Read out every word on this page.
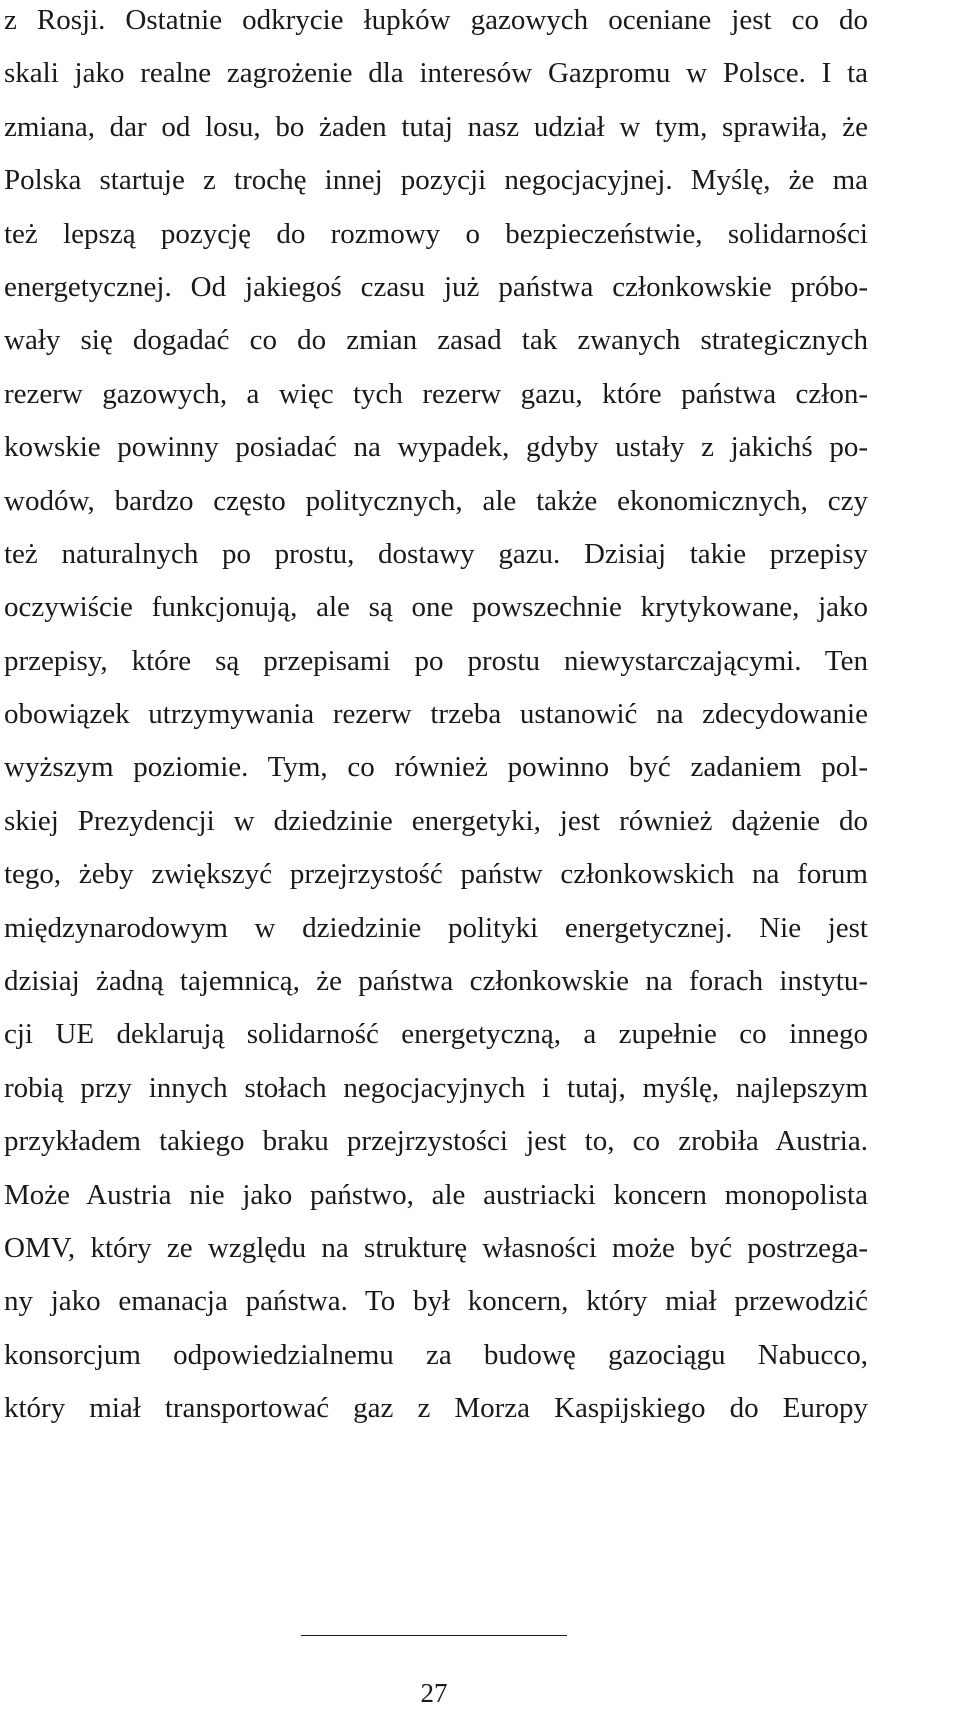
z Rosji. Ostatnie odkrycie łupków gazowych oceniane jest co do
skali jako realne zagrożenie dla interesów Gazpromu w Polsce. I ta
zmiana, dar od losu, bo żaden tutaj nasz udział w tym, sprawiła, że
Polska startuje z trochę innej pozycji negocjacyjnej. Myślę, że ma
też lepszą pozycję do rozmowy o bezpieczeństwie, solidarności
energetycznej. Od jakiegoś czasu już państwa członkowskie próbo-
wały się dogadać co do zmian zasad tak zwanych strategicznych
rezerw gazowych, a więc tych rezerw gazu, które państwa człon-
kowskie powinny posiadać na wypadek, gdyby ustały z jakichś po-
wodów, bardzo często politycznych, ale także ekonomicznych, czy
też naturalnych po prostu, dostawy gazu. Dzisiaj takie przepisy
oczywiście funkcjonują, ale są one powszechnie krytykowane, jako
przepisy, które są przepisami po prostu niewystarczającymi. Ten
obowiązek utrzymywania rezerw trzeba ustanowić na zdecydowanie
wyższym poziomie. Tym, co również powinno być zadaniem pol-
skiej Prezydencji w dziedzinie energetyki, jest również dążenie do
tego, żeby zwiększyć przejrzystość państw członkowskich na forum
międzynarodowym w dziedzinie polityki energetycznej. Nie jest
dzisiaj żadną tajemnicą, że państwa członkowskie na forach instytu-
cji UE deklarują solidarność energetyczną, a zupełnie co innego
robią przy innych stołach negocjacyjnych i tutaj, myślę, najlepszym
przykładem takiego braku przejrzystości jest to, co zrobiła Austria.
Może Austria nie jako państwo, ale austriacki koncern monopolista
OMV, który ze względu na strukturę własności może być postrzega-
ny jako emanacja państwa. To był koncern, który miał przewodzić
konsorcjum odpowiedzialnemu za budowę gazociągu Nabucco,
który miał transportować gaz z Morza Kaspijskiego do Europy
27
